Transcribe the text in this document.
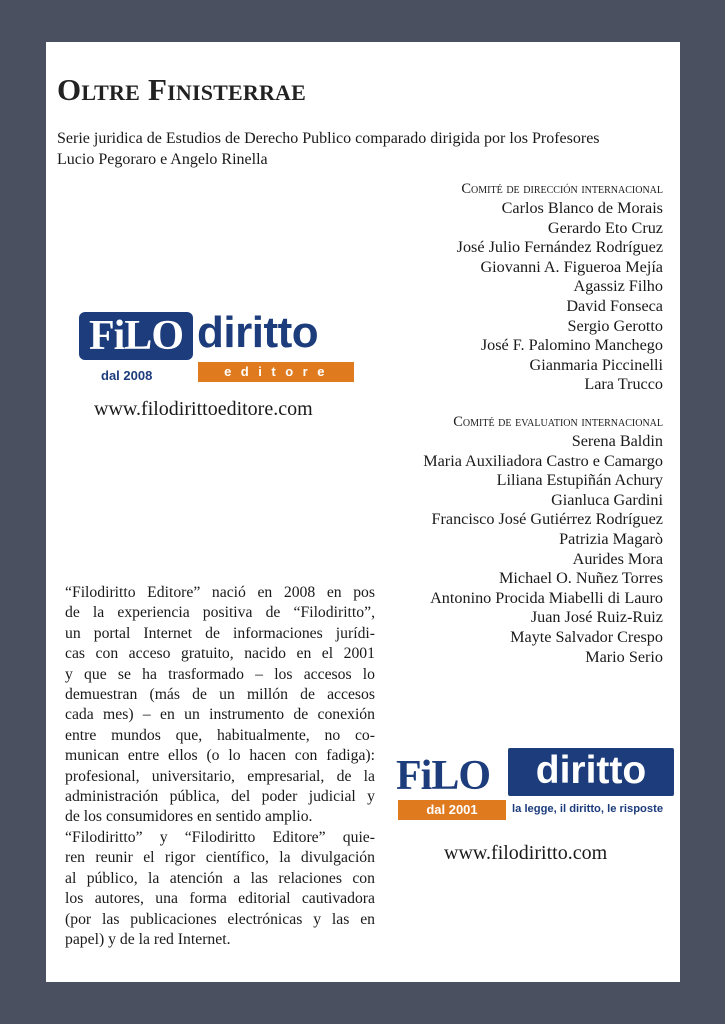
Oltre Finisterrae

Serie juridica de Estudios de Derecho Publico comparado dirigida por los Profesores
Lucio Pegoraro e Angelo Rinella

Comité de dirección internacional
Carlos Blanco de Morais
Gerardo Eto Cruz
José Julio Fernández Rodríguez
Giovanni A. Figueroa Mejía
Agassiz Filho
David Fonseca
Sergio Gerotto
José F. Palomino Manchego
Gianmaria Piccinelli
Lara Trucco
Comité de evaluation internacional
Serena Baldin
Maria Auxiliadora Castro e Camargo
Liliana Estupiñán Achury
Gianluca Gardini
Francisco José Gutiérrez Rodríguez
Patrizia Magarò
Aurides Mora
Michael O. Nuñez Torres
Antonino Procida Miabelli di Lauro
Juan José Ruiz-Ruiz
Mayte Salvador Crespo
Mario Serio
FiLO diritto
dal 2008	editore
www.filodirittoeditore.com

“Filodiritto Editore” nació en 2008 en pos
de la experiencia positiva de “Filodiritto”,
un portal Internet de informaciones jurídi-
cas con acceso gratuito, nacido en el 2001
y que se ha trasformado – los accesos lo
demuestran (más de un millón de accesos
cada mes) – en un instrumento de conexión
entre mundos que, habitualmente, no co-
munican entre ellos (o lo hacen con fadiga):
profesional, universitario, empresarial, de la
administración pública, del poder judicial y
de los consumidores en sentido amplio.
“Filodiritto” y “Filodiritto Editore” quie-
ren reunir el rigor científico, la divulgación
al público, la atención a las relaciones con
los autores, una forma editorial cautivadora
(por las publicaciones electrónicas y las en
papel) y de la red Internet.

FiLO	diritto
dal 2001	la legge, il diritto, le risposte
www.filodiritto.com
